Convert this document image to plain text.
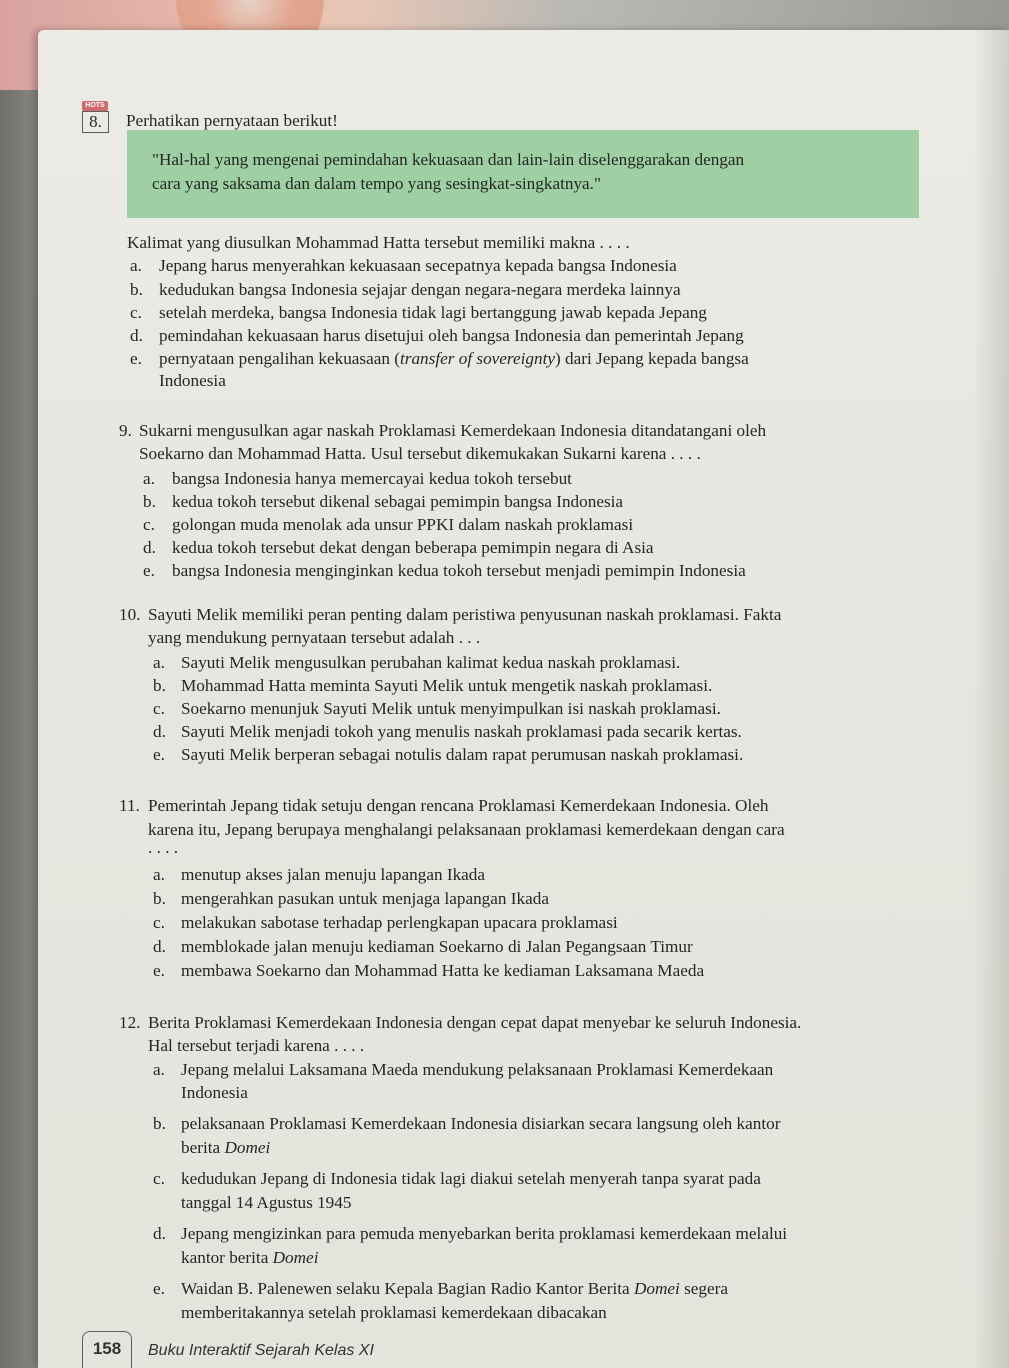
HOTS
8.	Perhatikan pernyataan berikut!
"Hal-hal yang mengenai pemindahan kekuasaan dan lain-lain diselenggarakan dengan
cara yang saksama dan dalam tempo yang sesingkat-singkatnya."
Kalimat yang diusulkan Mohammad Hatta tersebut memiliki makna . . . .
a. Jepang harus menyerahkan kekuasaan secepatnya kepada bangsa Indonesia
b. kedudukan bangsa Indonesia sejajar dengan negara-negara merdeka lainnya
c. setelah merdeka, bangsa Indonesia tidak lagi bertanggung jawab kepada Jepang
d. pemindahan kekuasaan harus disetujui oleh bangsa Indonesia dan pemerintah Jepang
e. pernyataan pengalihan kekuasaan (transfer of sovereignty) dari Jepang kepada bangsa
Indonesia
9. Sukarni mengusulkan agar naskah Proklamasi Kemerdekaan Indonesia ditandatangani oleh
Soekarno dan Mohammad Hatta. Usul tersebut dikemukakan Sukarni karena . . . .
a. bangsa Indonesia hanya memercayai kedua tokoh tersebut
b. kedua tokoh tersebut dikenal sebagai pemimpin bangsa Indonesia
c. golongan muda menolak ada unsur PPKI dalam naskah proklamasi
d. kedua tokoh tersebut dekat dengan beberapa pemimpin negara di Asia
e. bangsa Indonesia menginginkan kedua tokoh tersebut menjadi pemimpin Indonesia
10. Sayuti Melik memiliki peran penting dalam peristiwa penyusunan naskah proklamasi. Fakta
yang mendukung pernyataan tersebut adalah . . .
a. Sayuti Melik mengusulkan perubahan kalimat kedua naskah proklamasi.
b. Mohammad Hatta meminta Sayuti Melik untuk mengetik naskah proklamasi.
c. Soekarno menunjuk Sayuti Melik untuk menyimpulkan isi naskah proklamasi.
d. Sayuti Melik menjadi tokoh yang menulis naskah proklamasi pada secarik kertas.
e. Sayuti Melik berperan sebagai notulis dalam rapat perumusan naskah proklamasi.
11. Pemerintah Jepang tidak setuju dengan rencana Proklamasi Kemerdekaan Indonesia. Oleh
karena itu, Jepang berupaya menghalangi pelaksanaan proklamasi kemerdekaan dengan cara
. . . .
a. menutup akses jalan menuju lapangan Ikada
b. mengerahkan pasukan untuk menjaga lapangan Ikada
c. melakukan sabotase terhadap perlengkapan upacara proklamasi
d. memblokade jalan menuju kediaman Soekarno di Jalan Pegangsaan Timur
e. membawa Soekarno dan Mohammad Hatta ke kediaman Laksamana Maeda
12. Berita Proklamasi Kemerdekaan Indonesia dengan cepat dapat menyebar ke seluruh Indonesia.
Hal tersebut terjadi karena . . . .
a. Jepang melalui Laksamana Maeda mendukung pelaksanaan Proklamasi Kemerdekaan
Indonesia
b. pelaksanaan Proklamasi Kemerdekaan Indonesia disiarkan secara langsung oleh kantor
berita Domei
c. kedudukan Jepang di Indonesia tidak lagi diakui setelah menyerah tanpa syarat pada
tanggal 14 Agustus 1945
d. Jepang mengizinkan para pemuda menyebarkan berita proklamasi kemerdekaan melalui
kantor berita Domei
e. Waidan B. Palenewen selaku Kepala Bagian Radio Kantor Berita Domei segera
memberitakannya setelah proklamasi kemerdekaan dibacakan
158	Buku Interaktif Sejarah Kelas XI
